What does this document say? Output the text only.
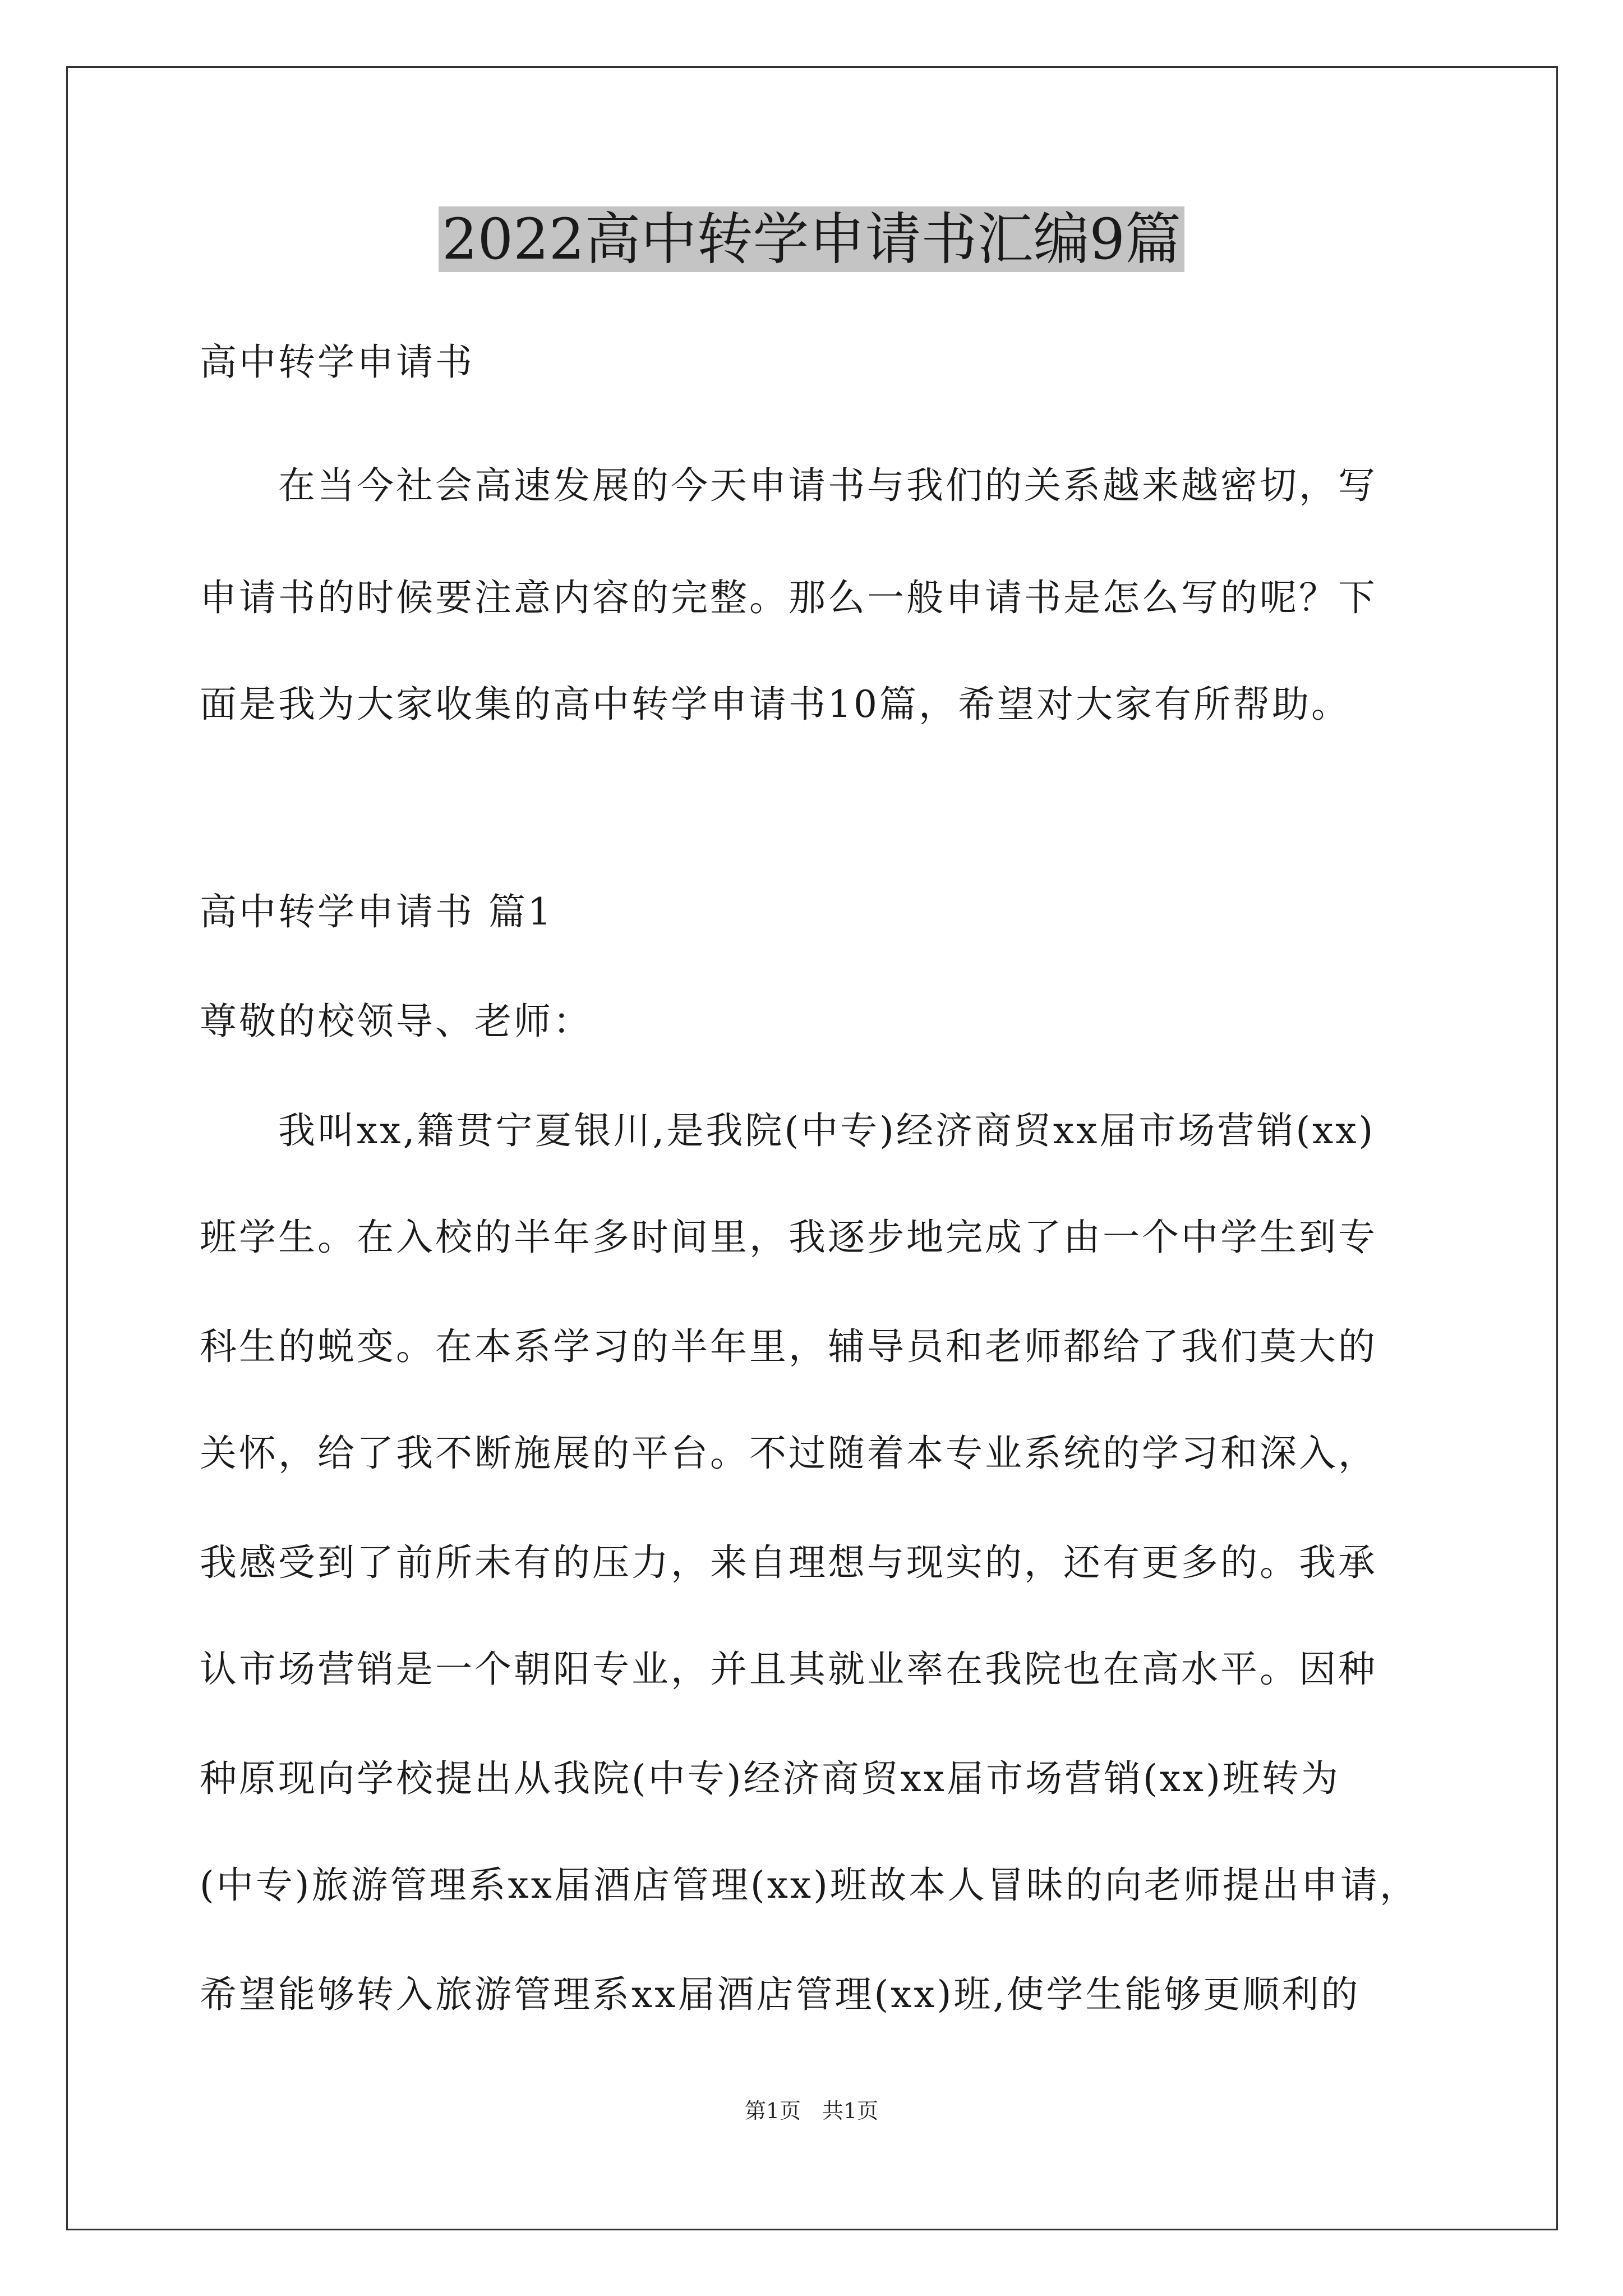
2022高中转学申请书汇编9篇

高中转学申请书

　　在当今社会高速发展的今天申请书与我们的关系越来越密切，写

申请书的时候要注意内容的完整。那么一般申请书是怎么写的呢？下

面是我为大家收集的高中转学申请书10篇，希望对大家有所帮助。

高中转学申请书 篇1

尊敬的校领导、老师：

　　我叫xx,籍贯宁夏银川,是我院(中专)经济商贸xx届市场营销(xx)

班学生。在入校的半年多时间里，我逐步地完成了由一个中学生到专

科生的蜕变。在本系学习的半年里，辅导员和老师都给了我们莫大的

关怀，给了我不断施展的平台。不过随着本专业系统的学习和深入，

我感受到了前所未有的压力，来自理想与现实的，还有更多的。我承

认市场营销是一个朝阳专业，并且其就业率在我院也在高水平。因种

种原现向学校提出从我院(中专)经济商贸xx届市场营销(xx)班转为

(中专)旅游管理系xx届酒店管理(xx)班故本人冒昧的向老师提出申请，

希望能够转入旅游管理系xx届酒店管理(xx)班,使学生能够更顺利的

第1页　共1页
